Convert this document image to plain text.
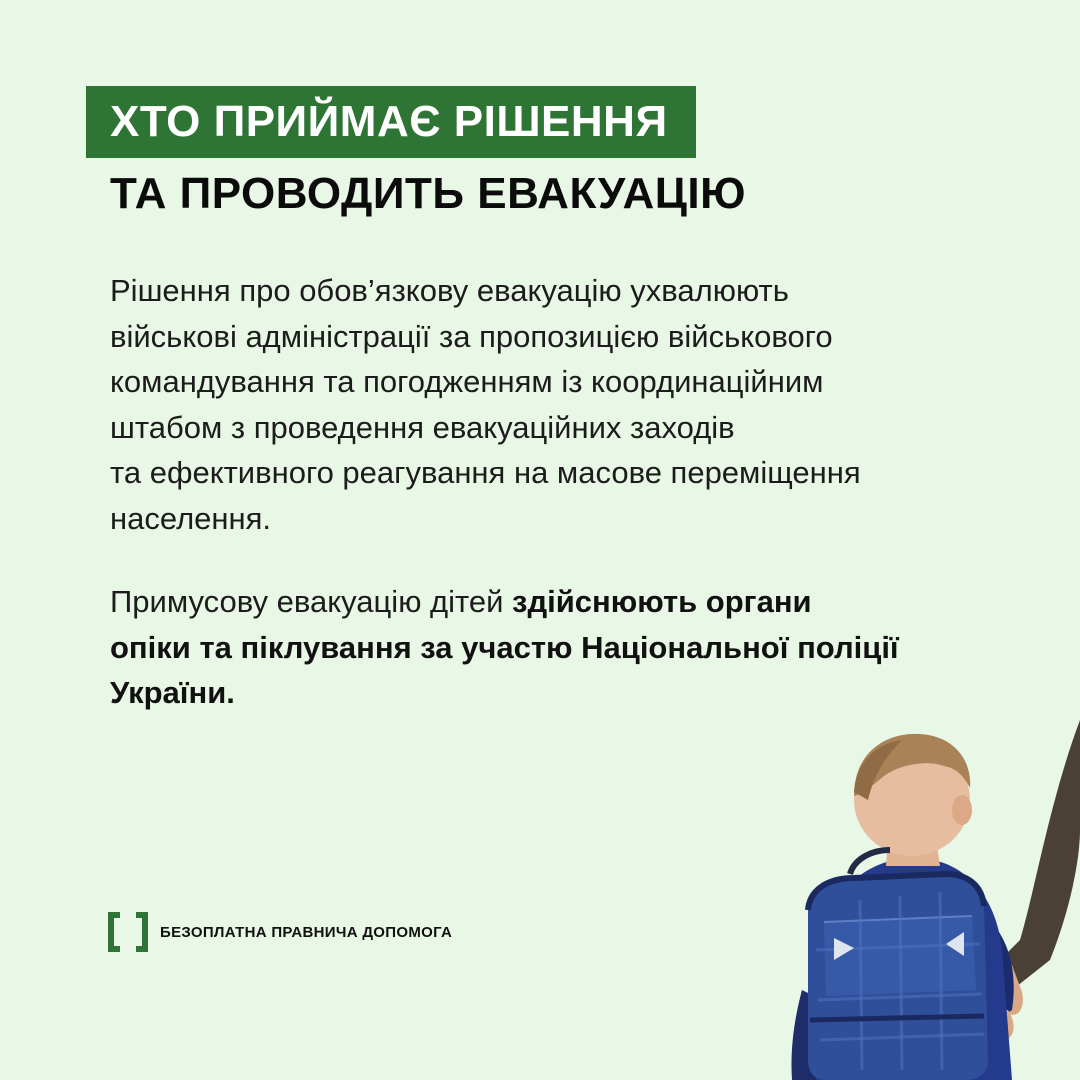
ХТО ПРИЙМАЄ РІШЕННЯ
ТА ПРОВОДИТЬ ЕВАКУАЦІЮ

Рішення про обов’язкову евакуацію ухвалюють
військові адміністрації за пропозицією військового
командування та погодженням із координаційним
штабом з проведення евакуаційних заходів
та ефективного реагування на масове переміщення
населення.

Примусову евакуацію дітей здійснюють органи
опіки та піклування за участю Національної поліції
України.

БЕЗОПЛАТНА ПРАВНИЧА ДОПОМОГА
